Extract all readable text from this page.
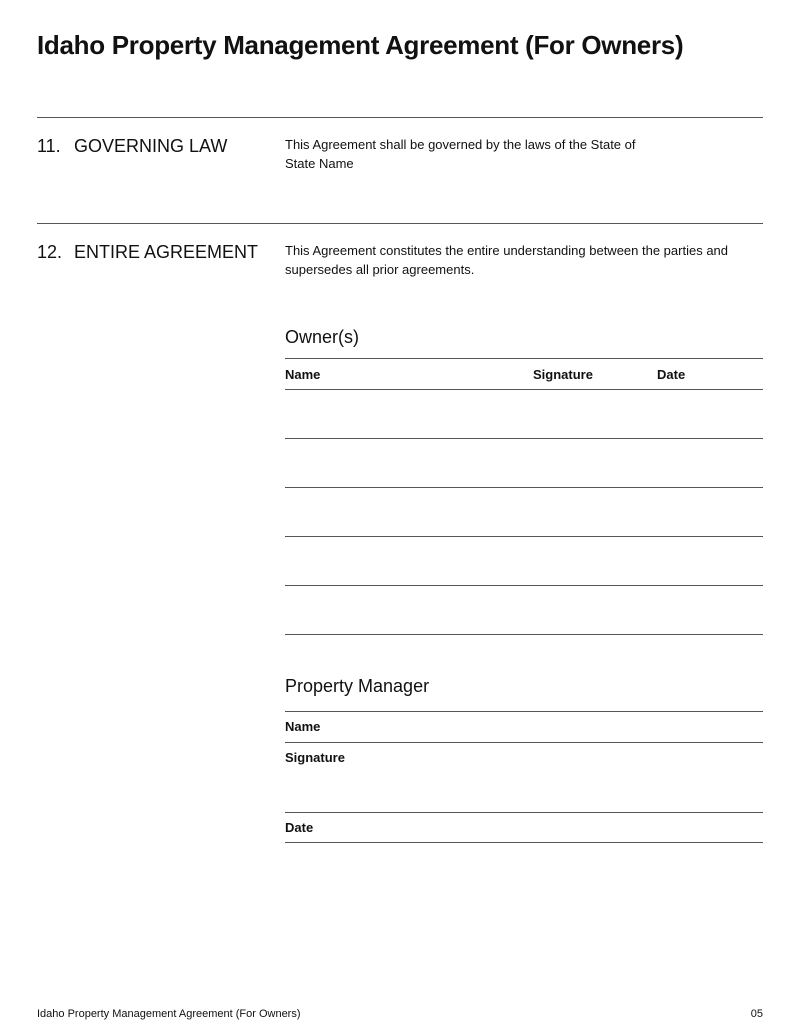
Idaho Property Management Agreement (For Owners)
11. GOVERNING LAW	This Agreement shall be governed by the laws of the State of
State Name
12. ENTIRE AGREEMENT This Agreement constitutes the entire understanding between the parties and supersedes all prior agreements.
Owner(s)
Name	Signature	Date
Property Manager
Name
Signature
Date
Idaho Property Management Agreement (For Owners)	05
